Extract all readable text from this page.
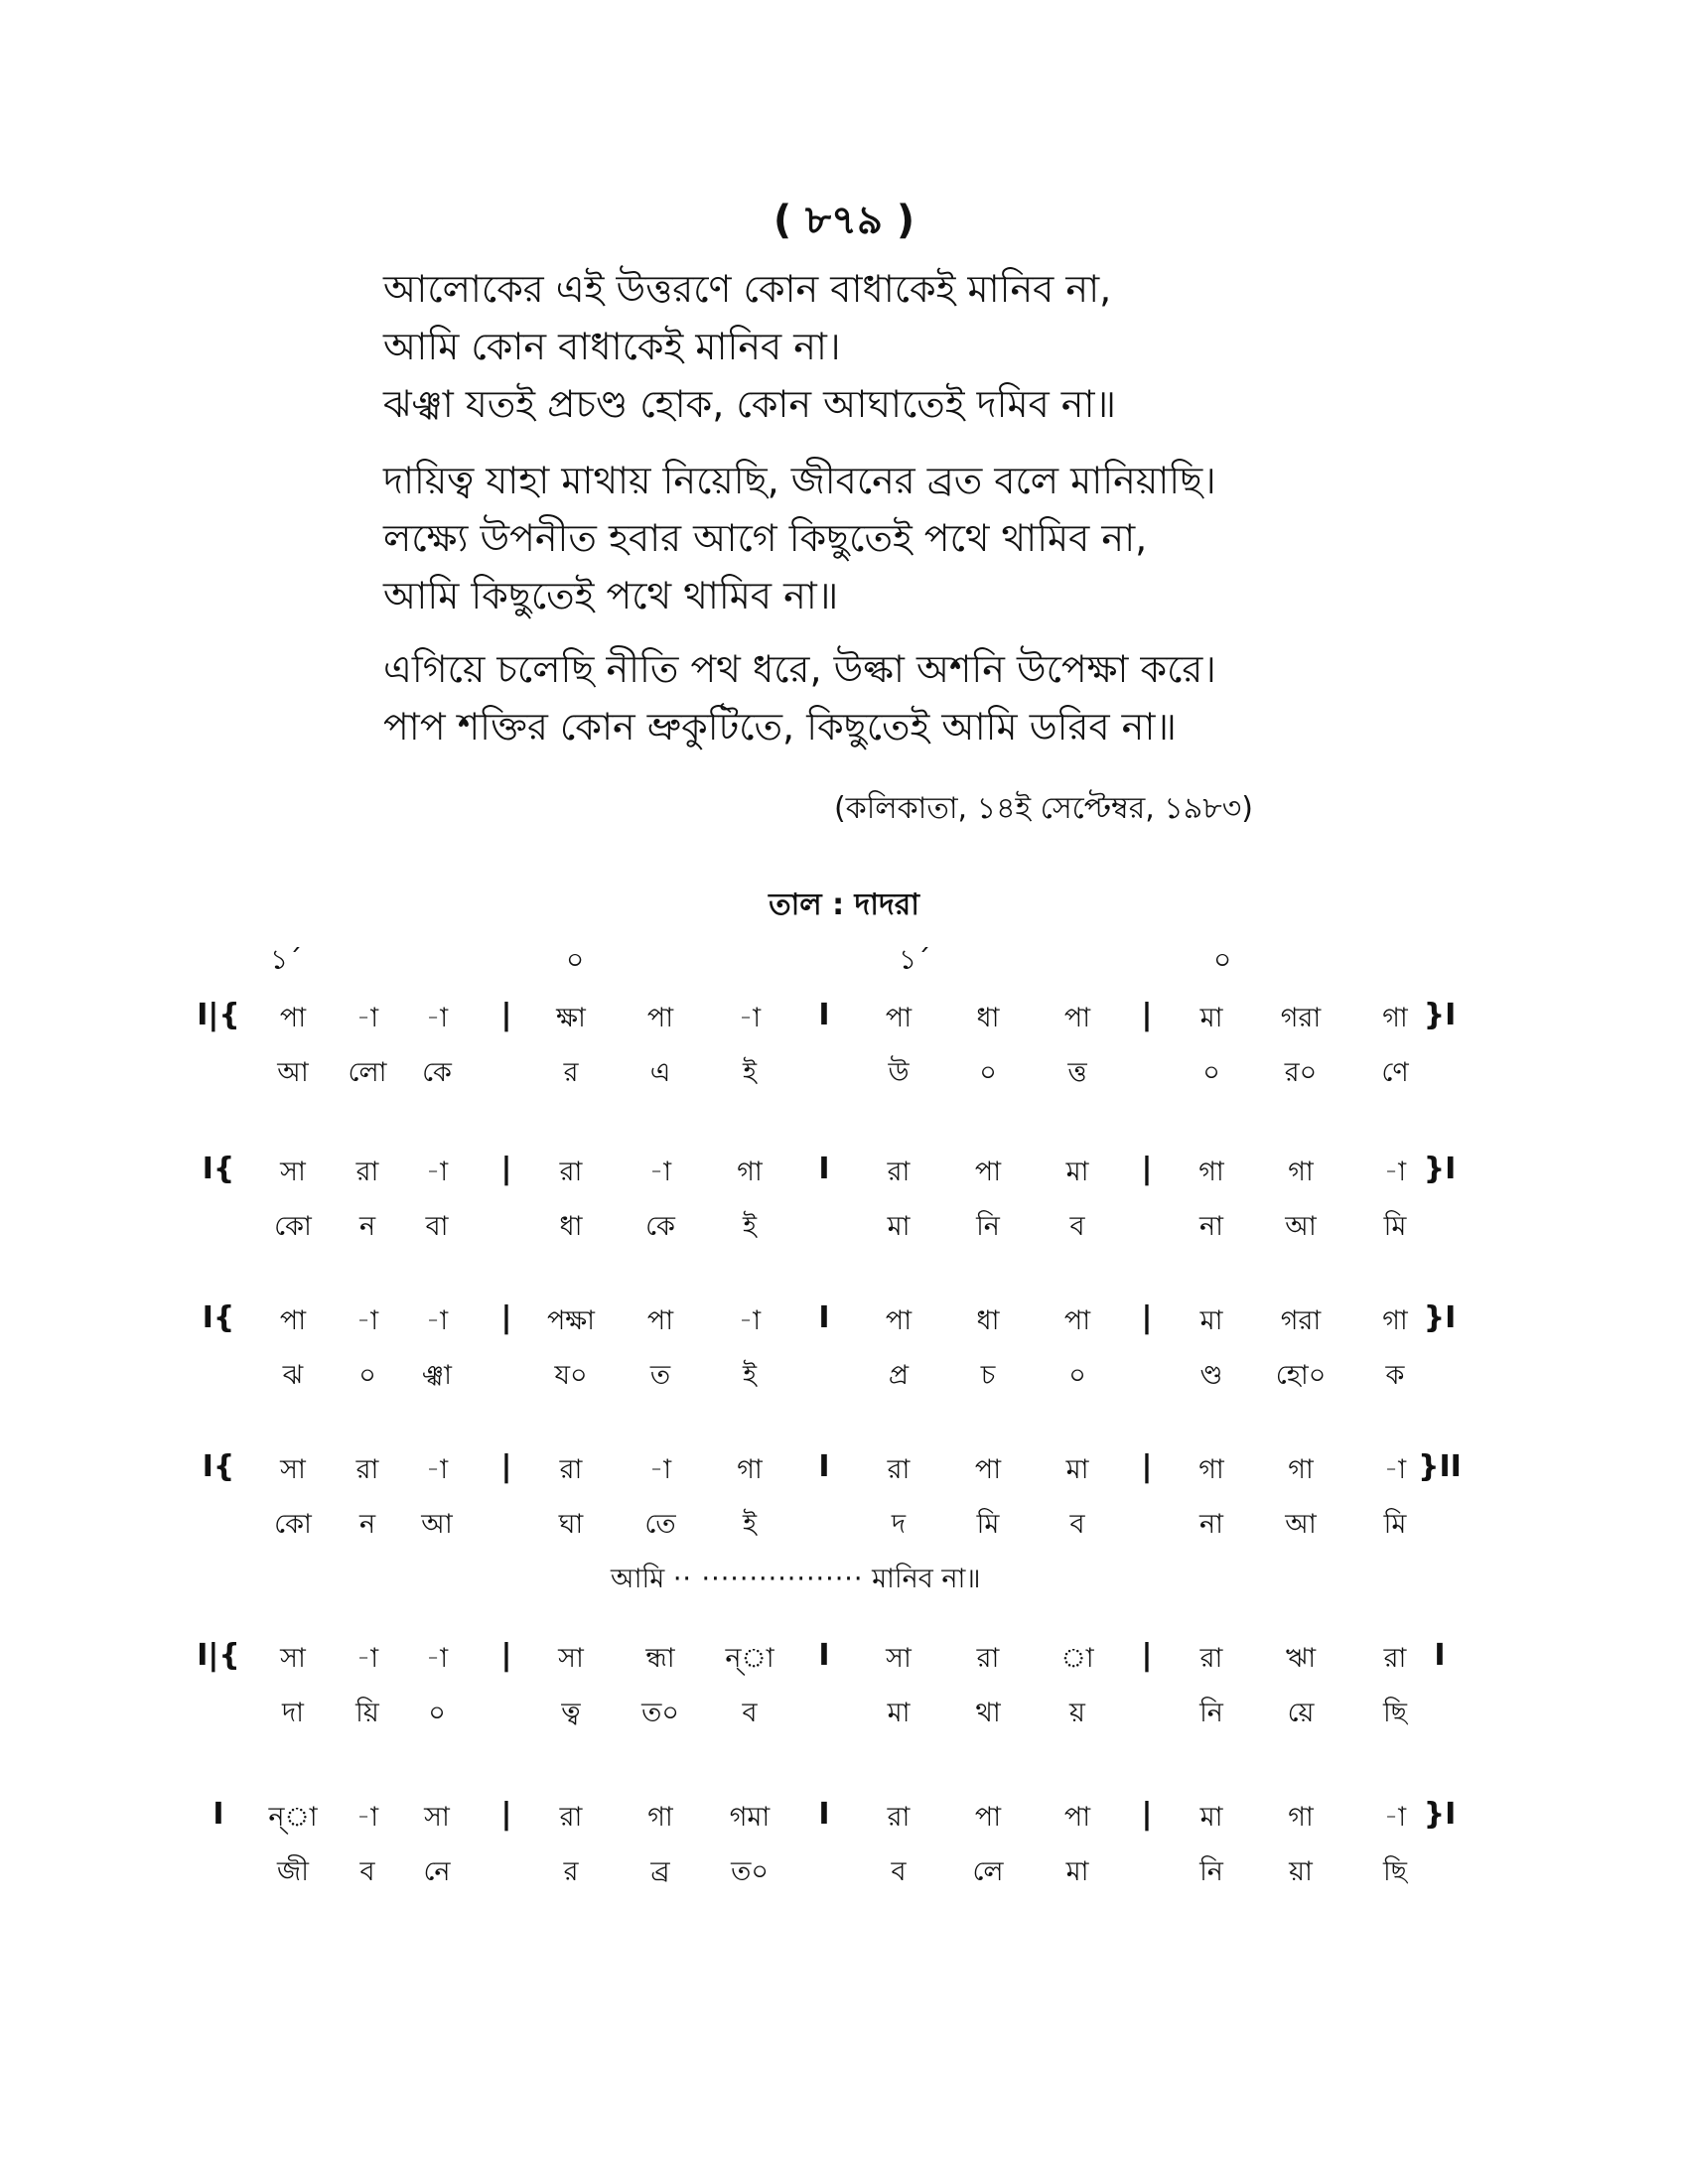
( ৮৭৯ )
আলোকের এই উত্তরণে কোন বাধাকেই মানিব না,
আমি কোন বাধাকেই মানিব না।
ঝঞ্ঝা যতই প্রচণ্ড হোক, কোন আঘাতেই দমিব না॥
দায়িত্ব যাহা মাথায় নিয়েছি, জীবনের ব্রত বলে মানিয়াছি।
লক্ষ্যে উপনীত হবার আগে কিছুতেই পথে থামিব না,
আমি কিছুতেই পথে থামিব না॥
এগিয়ে চলেছি নীতি পথ ধরে, উল্কা অশনি উপেক্ষা করে।
পাপ শক্তির কোন ভ্রুকুটিতে, কিছুতেই আমি ডরিব না॥
(কলিকাতা, ১৪ই সেপ্টেম্বর, ১৯৮৩)
তাল : দাদরা
১´	০	১´	০
I|{	পা	-া	-া	|	ক্ষা	পা	-া	I	পা	ধা	পা	|	মা	গরা	গা }I
আ	লো	কে	র	এ	ই	উ	০	ত্ত	০	র০	ণে
I{	সা	রা	-া	|	রা	-া	গা	I	রা	পা	মা	|	গা	গা	-া }I
কো	ন	বা	ধা	কে	ই	মা	নি	ব	না	আ	মি
I{	পা	-া	-া	|	পক্ষা	পা	-া	I	পা	ধা	পা	|	মা	গরা	গা }I
ঝ	০	ঞ্ঝা	য০	ত	ই	প্র	চ	০	ণ্ড	হো০	ক
I{	সা	রা	-া	|	রা	-া	গা	I	রা	পা	মা	|	গা	গা	-া }II
কো	ন	আ	ঘা	তে	ই	দ	মি	ব	না	আ	মি
I|{	সা	-া	-া	|	সা	ন্ধা	ন্া	I	সা	রা	া	|	রা	ঋা	রা I
দা	য়ি	০	ত্ব	ত০	ব	মা	থা	য়	নি	য়ে	ছি
I	ন্া	-া	সা	|	রা	গা	গমা	I	রা	পা	পা	|	মা	গা	-া }I
জী	ব	নে	র	ব্র	ত০	ব	লে	মা	নি	য়া	ছি
আমি ·· ················· মানিব না॥
